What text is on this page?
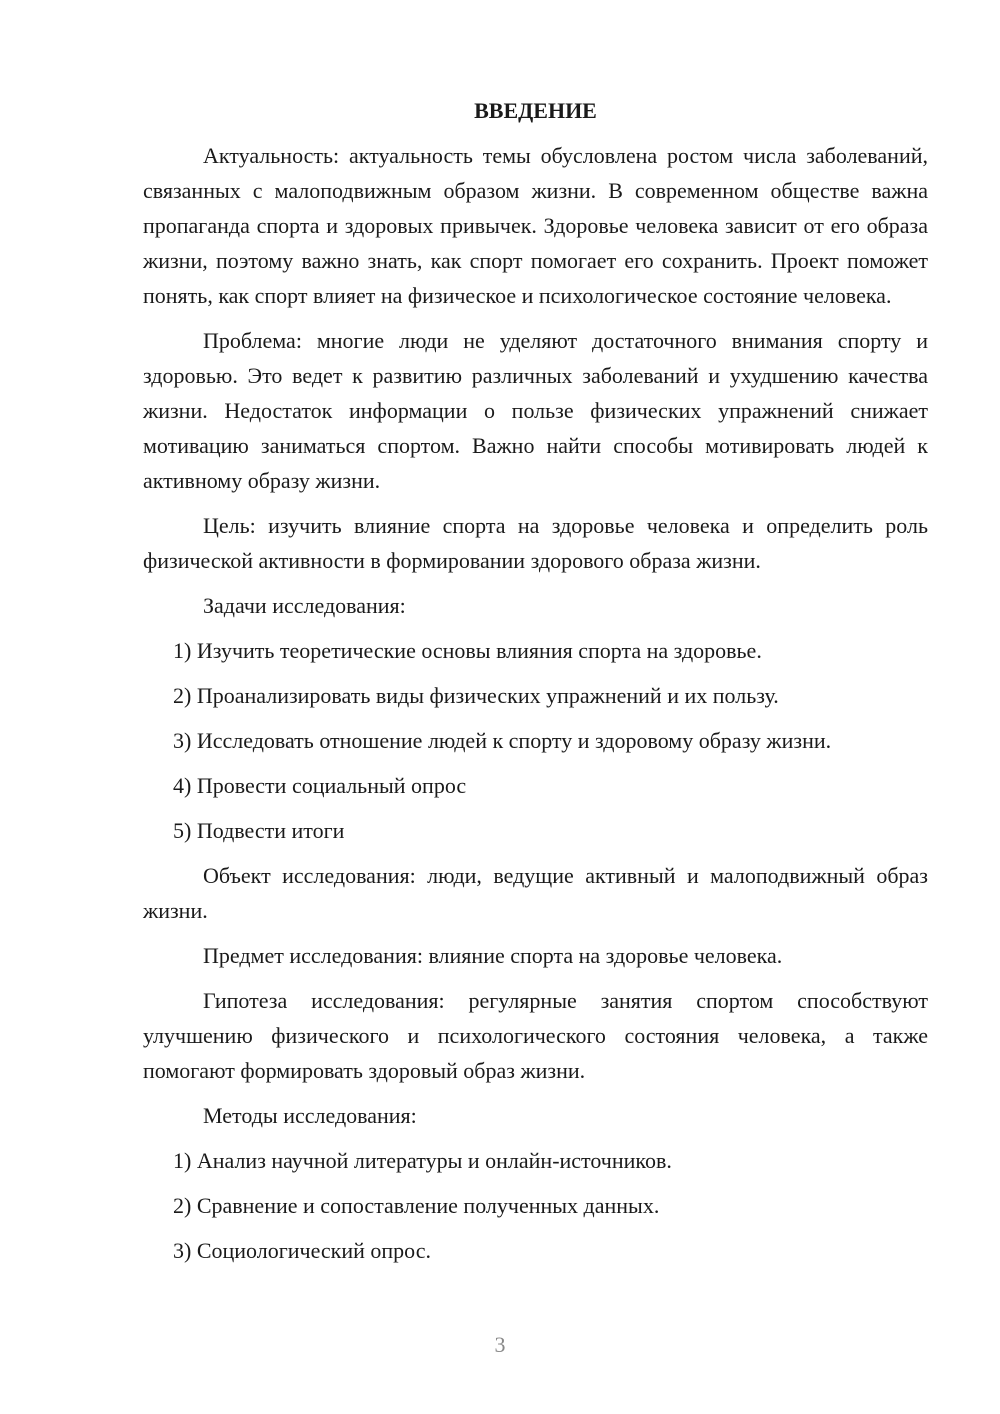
ВВЕДЕНИЕ

Актуальность: актуальность темы обусловлена ростом числа заболеваний, связанных с малоподвижным образом жизни. В современном обществе важна пропаганда спорта и здоровых привычек. Здоровье человека зависит от его образа жизни, поэтому важно знать, как спорт помогает его сохранить. Проект поможет понять, как спорт влияет на физическое и психологическое состояние человека.

Проблема: многие люди не уделяют достаточного внимания спорту и здоровью. Это ведет к развитию различных заболеваний и ухудшению качества жизни. Недостаток информации о пользе физических упражнений снижает мотивацию заниматься спортом. Важно найти способы мотивировать людей к активному образу жизни.

Цель: изучить влияние спорта на здоровье человека и определить роль физической активности в формировании здорового образа жизни.

Задачи исследования:

1) Изучить теоретические основы влияния спорта на здоровье.

2) Проанализировать виды физических упражнений и их пользу.

3) Исследовать отношение людей к спорту и здоровому образу жизни.

4) Провести социальный опрос

5) Подвести итоги

Объект исследования: люди, ведущие активный и малоподвижный образ жизни.

Предмет исследования: влияние спорта на здоровье человека.

Гипотеза исследования: регулярные занятия спортом способствуют улучшению физического и психологического состояния человека, а также помогают формировать здоровый образ жизни.

Методы исследования:

1) Анализ научной литературы и онлайн-источников.

2) Сравнение и сопоставление полученных данных.

3) Социологический опрос.

3
